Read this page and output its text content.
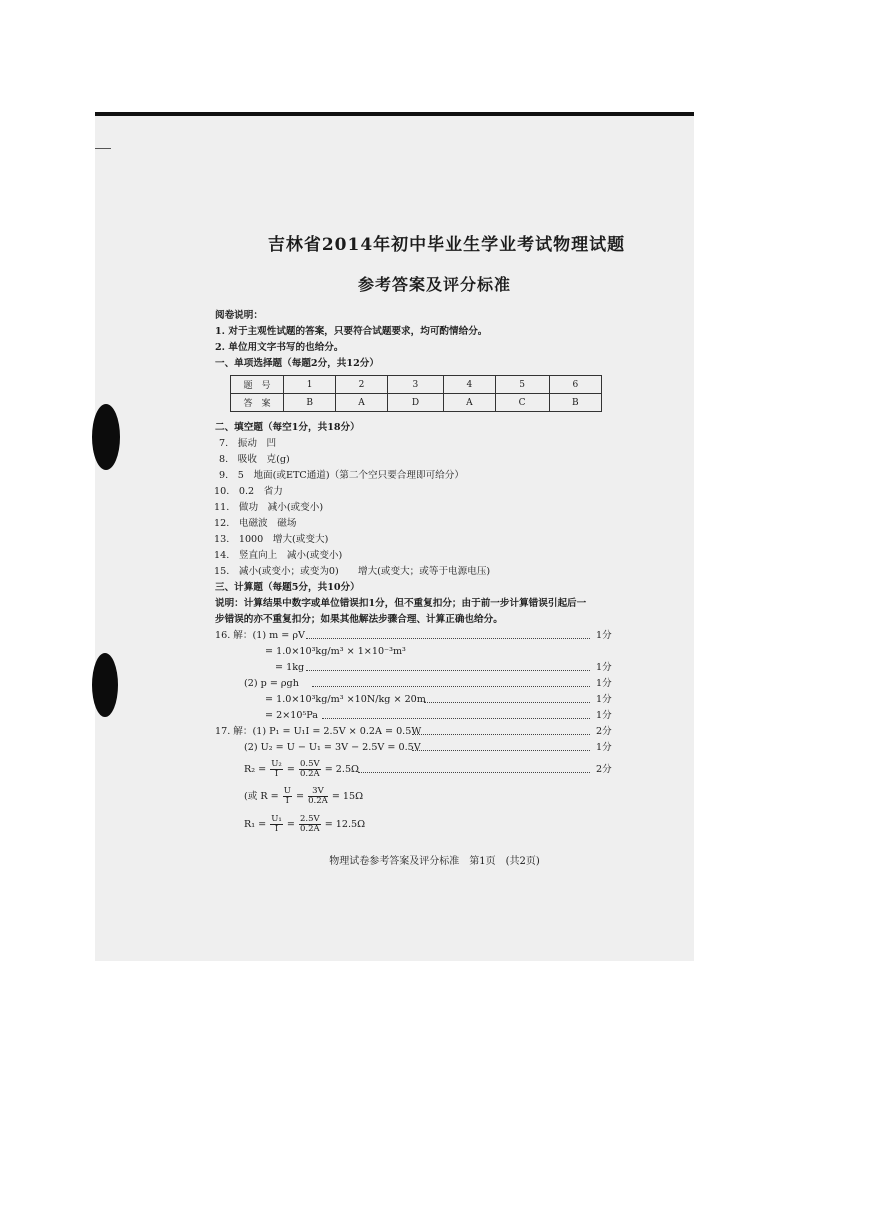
吉林省2014年初中毕业生学业考试物理试题
参考答案及评分标准
阅卷说明：
1. 对于主观性试题的答案，只要符合试题要求，均可酌情给分。
2. 单位用文字书写的也给分。
一、单项选择题（每题2分，共12分）
题　号	1	2	3	4	5	6
答　案	B	A	D	A	C	B
二、填空题（每空1分，共18分）
7.　振动　凹
8.　吸收　克(g)
9.　5　地面(或ETC通道)（第二个空只要合理即可给分）
10.　0.2　省力
11.　做功　减小(或变小)
12.　电磁波　磁场
13.　1000　增大(或变大)
14.　竖直向上　减小(或变小)
15.　减小(或变小；或变为0)　　增大(或变大；或等于电源电压)
三、计算题（每题5分，共10分）
说明：计算结果中数字或单位错误扣1分，但不重复扣分；由于前一步计算错误引起后一
步错误的亦不重复扣分；如果其他解法步骤合理、计算正确也给分。
16. 解：(1) m = ρV	1分
= 1.0×10³kg/m³ × 1×10⁻³m³
= 1kg	1分
(2) p = ρgh	1分
= 1.0×10³kg/m³ ×10N/kg × 20m	1分
= 2×10⁵Pa	1分
17. 解：(1) P₁ = U₁I = 2.5V × 0.2A = 0.5W	2分
(2) U₂ = U − U₁ = 3V − 2.5V = 0.5V	1分
$R_2 = \frac{\text{U₂}}{I} = \frac{0.5V}{0.2A} = 2.5\Omega$	2分
(或 $R = \frac{U}{I} = \frac{3V}{0.2A} = 15\Omega$
$R_1 = \frac{\text{U₁}}{I} = \frac{2.5V}{0.2A} = 12.5\Omega$
物理试卷参考答案及评分标准　第1页　(共2页)
